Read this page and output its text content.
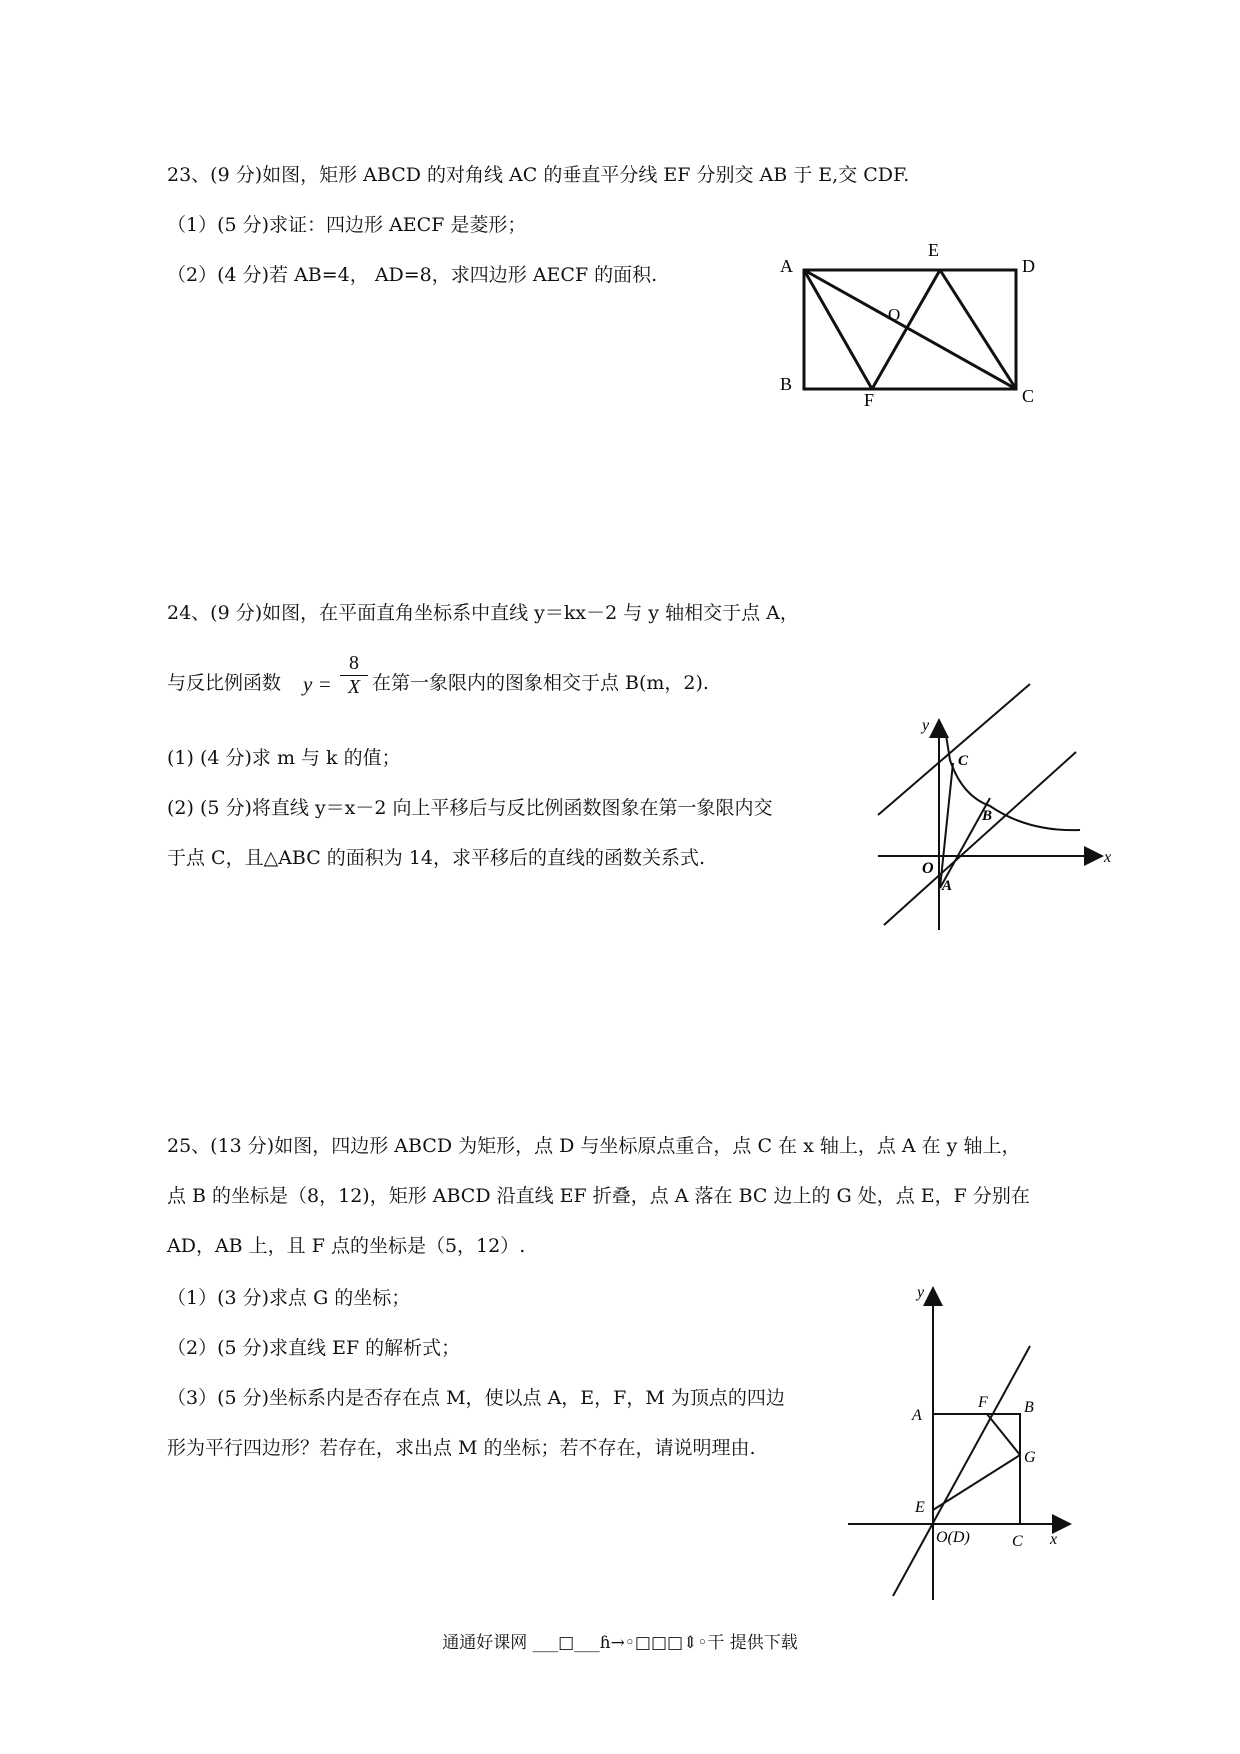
23、(9 分)如图，矩形 ABCD 的对角线 AC 的垂直平分线 EF 分别交 AB 于 E,交 CDF.
（1）(5 分)求证：四边形 AECF 是菱形；
（2）(4 分)若 AB=4， AD=8，求四边形 AECF 的面积.	A
E
D
O
B
F	C
24、(9 分)如图，在平面直角坐标系中直线 y＝kx－2 与 y 轴相交于点 A，
与反比例函数 $y = \frac{8}{X}$ 在第一象限内的图象相交于点 B(m，2).
(1) (4 分)求 m 与 k 的值；
(2) (5 分)将直线 y＝x－2 向上平移后与反比例函数图象在第一象限内交
于点 C，且△ABC 的面积为 14，求平移后的直线的函数关系式.
y
x
O
A
B
C
25、(13 分)如图，四边形 ABCD 为矩形，点 D 与坐标原点重合，点 C 在 x 轴上，点 A 在 y 轴上，
点 B 的坐标是（8，12)，矩形 ABCD 沿直线 EF 折叠，点 A 落在 BC 边上的 G 处，点 E，F 分别在
AD，AB 上，且 F 点的坐标是（5，12）.
（1）(3 分)求点 G 的坐标；
（2）(5 分)求直线 EF 的解析式；
（3）(5 分)坐标系内是否存在点 M，使以点 A，E，F，M 为顶点的四边
形为平行四边形？若存在，求出点 M 的坐标；若不存在，请说明理由.
y
x
A
F B
G
E
O(D)	C
通通好课网 ___□___ɦ→◦□□□⇕◦干 提供下载
